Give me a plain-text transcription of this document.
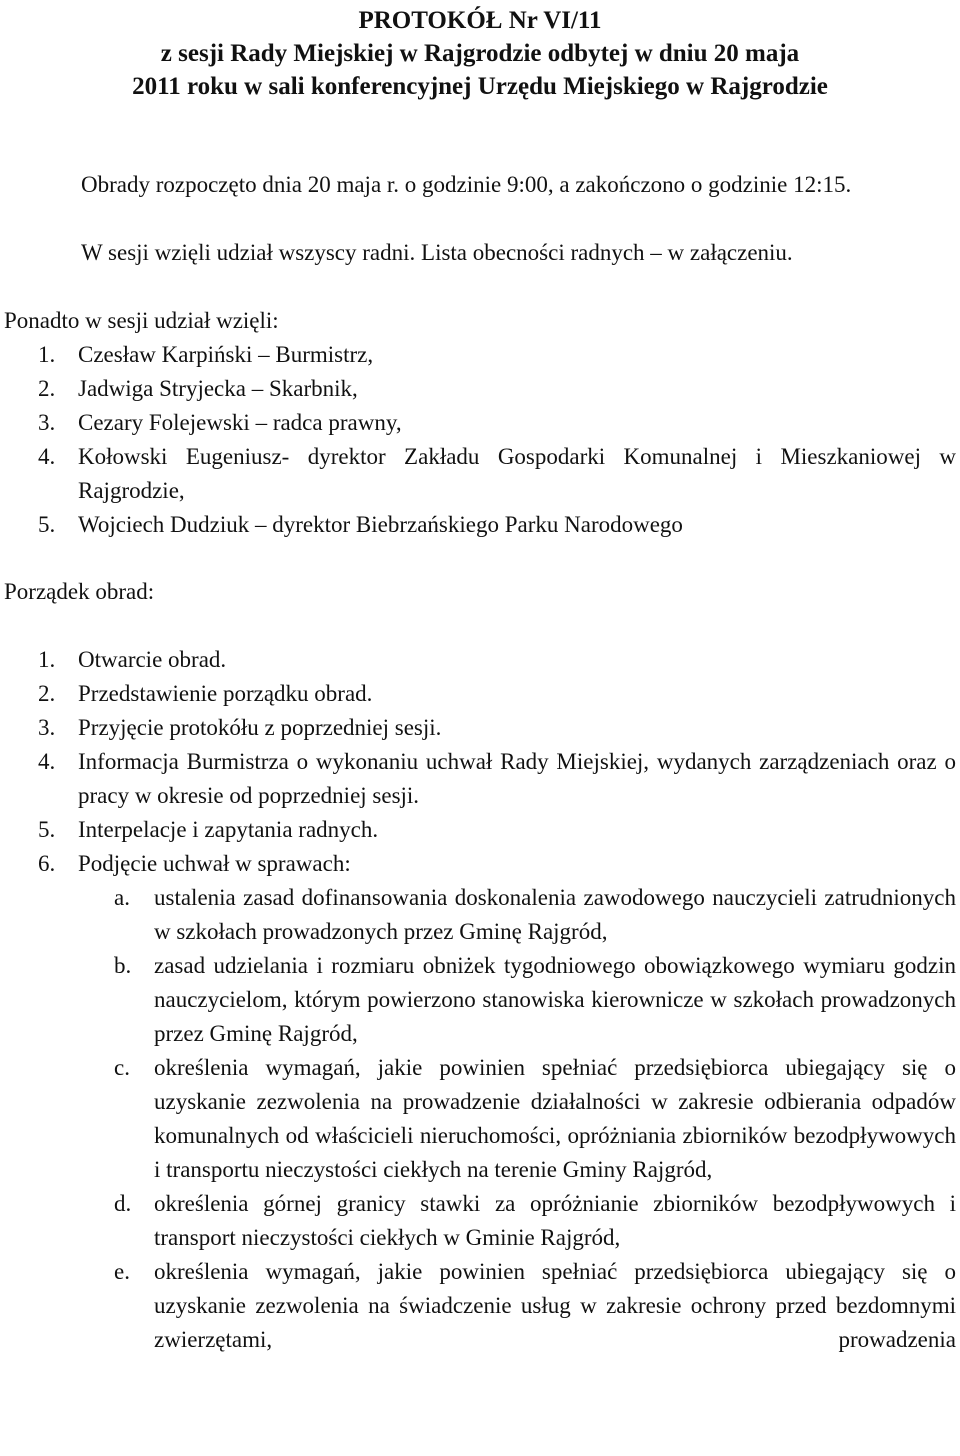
PROTOKÓŁ Nr VI/11
z sesji Rady Miejskiej w Rajgrodzie odbytej w dniu 20 maja
2011 roku w sali konferencyjnej Urzędu Miejskiego w Rajgrodzie

Obrady rozpoczęto dnia 20 maja r. o godzinie 9:00, a zakończono o godzinie 12:15.

W sesji wzięli udział wszyscy radni. Lista obecności radnych – w załączeniu.

Ponadto w sesji udział wzięli:

1. Czesław Karpiński – Burmistrz,
2. Jadwiga Stryjecka – Skarbnik,
3. Cezary Folejewski – radca prawny,
4. Kołowski Eugeniusz- dyrektor Zakładu Gospodarki Komunalnej i Mieszkaniowej w Rajgrodzie,
5. Wojciech Dudziuk – dyrektor Biebrzańskiego Parku Narodowego

Porządek obrad:

1. Otwarcie obrad.
2. Przedstawienie porządku obrad.
3. Przyjęcie protokółu z poprzedniej sesji.
4. Informacja Burmistrza o wykonaniu uchwał Rady Miejskiej, wydanych zarządzeniach oraz o pracy w okresie od poprzedniej sesji.
5. Interpelacje i zapytania radnych.
6. Podjęcie uchwał w sprawach:
a. ustalenia zasad dofinansowania doskonalenia zawodowego nauczycieli zatrudnionych w szkołach prowadzonych przez Gminę Rajgród,
b. zasad udzielania i rozmiaru obniżek tygodniowego obowiązkowego wymiaru godzin nauczycielom, którym powierzono stanowiska kierownicze w szkołach prowadzonych przez Gminę Rajgród,
c. określenia wymagań, jakie powinien spełniać przedsiębiorca ubiegający się o uzyskanie zezwolenia na prowadzenie działalności w zakresie odbierania odpadów komunalnych od właścicieli nieruchomości, opróżniania zbiorników bezodpływowych i transportu nieczystości ciekłych na terenie Gminy Rajgród,
d. określenia górnej granicy stawki za opróżnianie zbiorników bezodpływowych i transport nieczystości ciekłych w Gminie Rajgród,
e. określenia wymagań, jakie powinien spełniać przedsiębiorca ubiegający się o uzyskanie zezwolenia na świadczenie usług w zakresie ochrony przed bezdomnymi zwierzętami, prowadzenia
